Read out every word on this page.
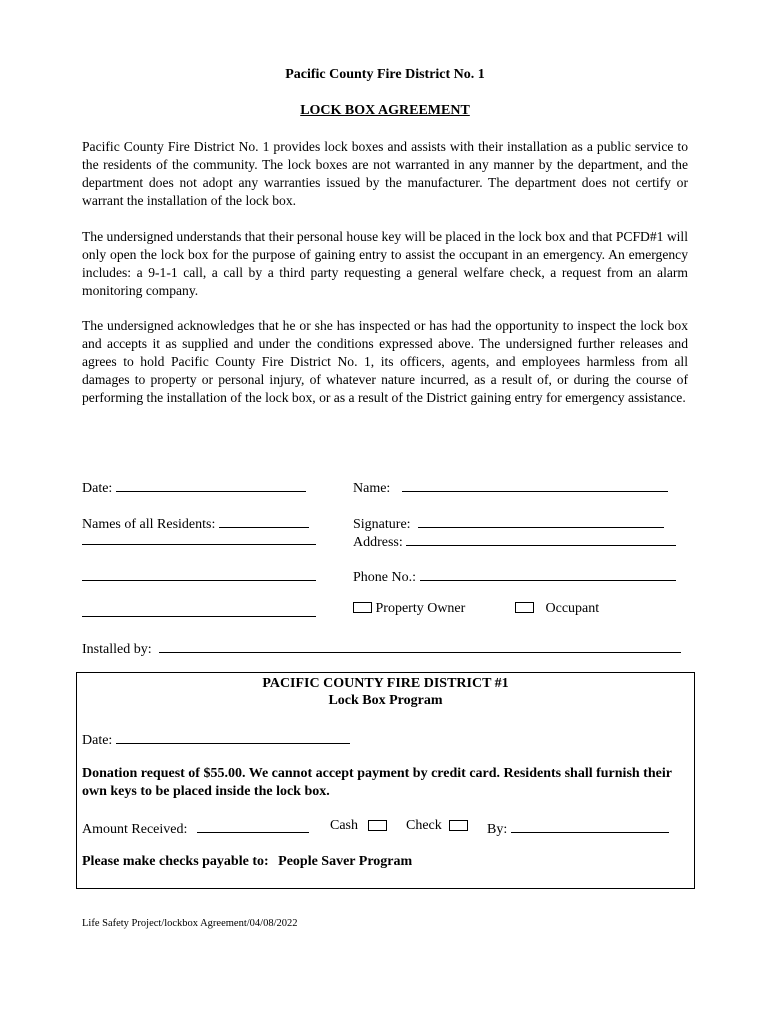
Pacific County Fire District No. 1
LOCK BOX AGREEMENT
Pacific County Fire District No. 1 provides lock boxes and assists with their installation as a public service to the residents of the community. The lock boxes are not warranted in any manner by the department, and the department does not adopt any warranties issued by the manufacturer. The department does not certify or warrant the installation of the lock box.
The undersigned understands that their personal house key will be placed in the lock box and that PCFD#1 will only open the lock box for the purpose of gaining entry to assist the occupant in an emergency. An emergency includes: a 9-1-1 call, a call by a third party requesting a general welfare check, a request from an alarm monitoring company.
The undersigned acknowledges that he or she has inspected or has had the opportunity to inspect the lock box and accepts it as supplied and under the conditions expressed above. The undersigned further releases and agrees to hold Pacific County Fire District No. 1, its officers, agents, and employees harmless from all damages to property or personal injury, of whatever nature incurred, as a result of, or during the course of performing the installation of the lock box, or as a result of the District gaining entry for emergency assistance.
Date:	Name:
Names of all Residents:	Signature:
Address:
Phone No.:
Property Owner	Occupant
Installed by:
PACIFIC COUNTY FIRE DISTRICT #1
Lock Box Program
Date:
Donation request of $55.00. We cannot accept payment by credit card. Residents shall furnish their own keys to be placed inside the lock box.
Amount Received:	Cash	Check	By:
Please make checks payable to: People Saver Program
Life Safety Project/lockbox Agreement/04/08/2022
